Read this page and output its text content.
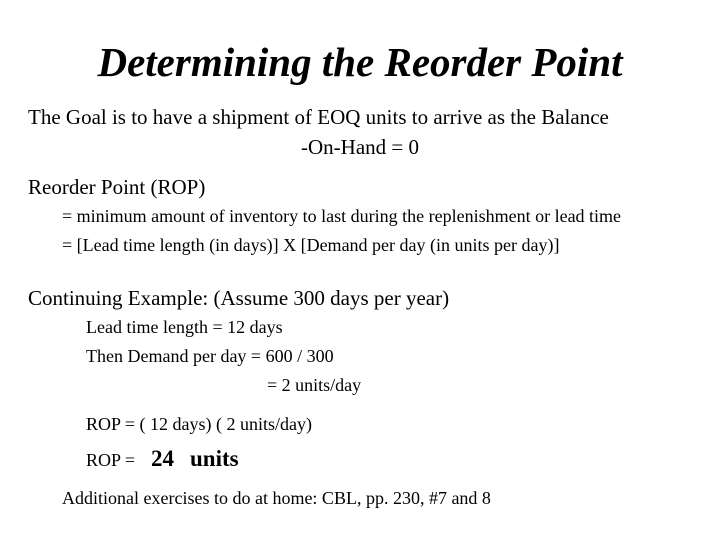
Determining the Reorder Point
The Goal is to have a shipment of EOQ units to arrive as the Balance
-On-Hand = 0
Reorder Point (ROP)
= minimum amount of inventory to last during the replenishment or lead time
= [Lead time length (in days)] X [Demand per day (in units per day)]
Continuing Example: (Assume 300 days per year)
Lead time length = 12 days
Then Demand per day = 600 / 300
= 2 units/day
ROP = ( 12 days) ( 2 units/day)
ROP = 24 units
Additional exercises to do at home: CBL, pp. 230, #7 and 8
